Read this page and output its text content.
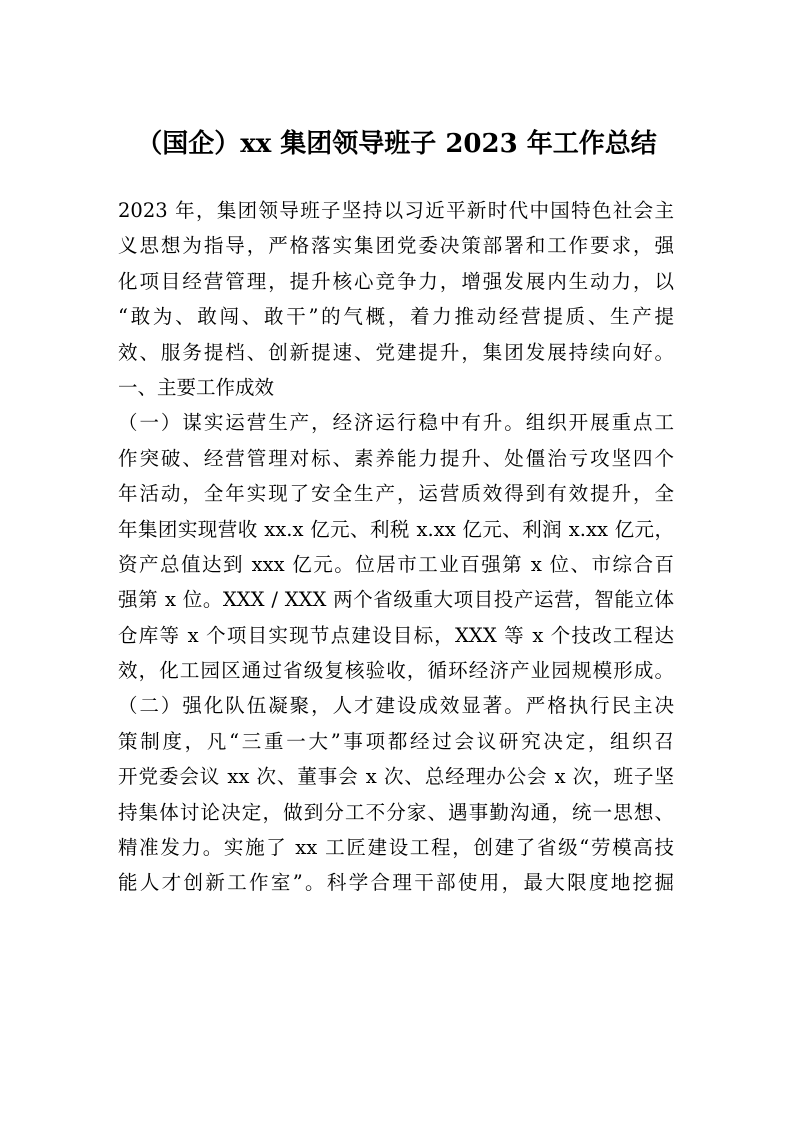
（国企）xx 集团领导班子 2023 年工作总结
2023 年，集团领导班子坚持以习近平新时代中国特色社会主
义思想为指导，严格落实集团党委决策部署和工作要求，强
化项目经营管理，提升核心竞争力，增强发展内生动力，以
“敢为、敢闯、敢干”的气概，着力推动经营提质、生产提
效、服务提档、创新提速、党建提升，集团发展持续向好。
一、主要工作成效
（一）谋实运营生产，经济运行稳中有升。组织开展重点工
作突破、经营管理对标、素养能力提升、处僵治亏攻坚四个
年活动，全年实现了安全生产，运营质效得到有效提升，全
年集团实现营收 xx.x 亿元、利税 x.xx 亿元、利润 x.xx 亿元，
资产总值达到 xxx 亿元。位居市工业百强第 x 位、市综合百
强第 x 位。XXX / XXX 两个省级重大项目投产运营，智能立体
仓库等 x 个项目实现节点建设目标，XXX 等 x 个技改工程达
效，化工园区通过省级复核验收，循环经济产业园规模形成。
（二）强化队伍凝聚，人才建设成效显著。严格执行民主决
策制度，凡“三重一大”事项都经过会议研究决定，组织召
开党委会议 xx 次、董事会 x 次、总经理办公会 x 次，班子坚
持集体讨论决定，做到分工不分家、遇事勤沟通，统一思想、
精准发力。实施了 xx 工匠建设工程，创建了省级“劳模高技
能人才创新工作室”。科学合理干部使用，最大限度地挖掘
